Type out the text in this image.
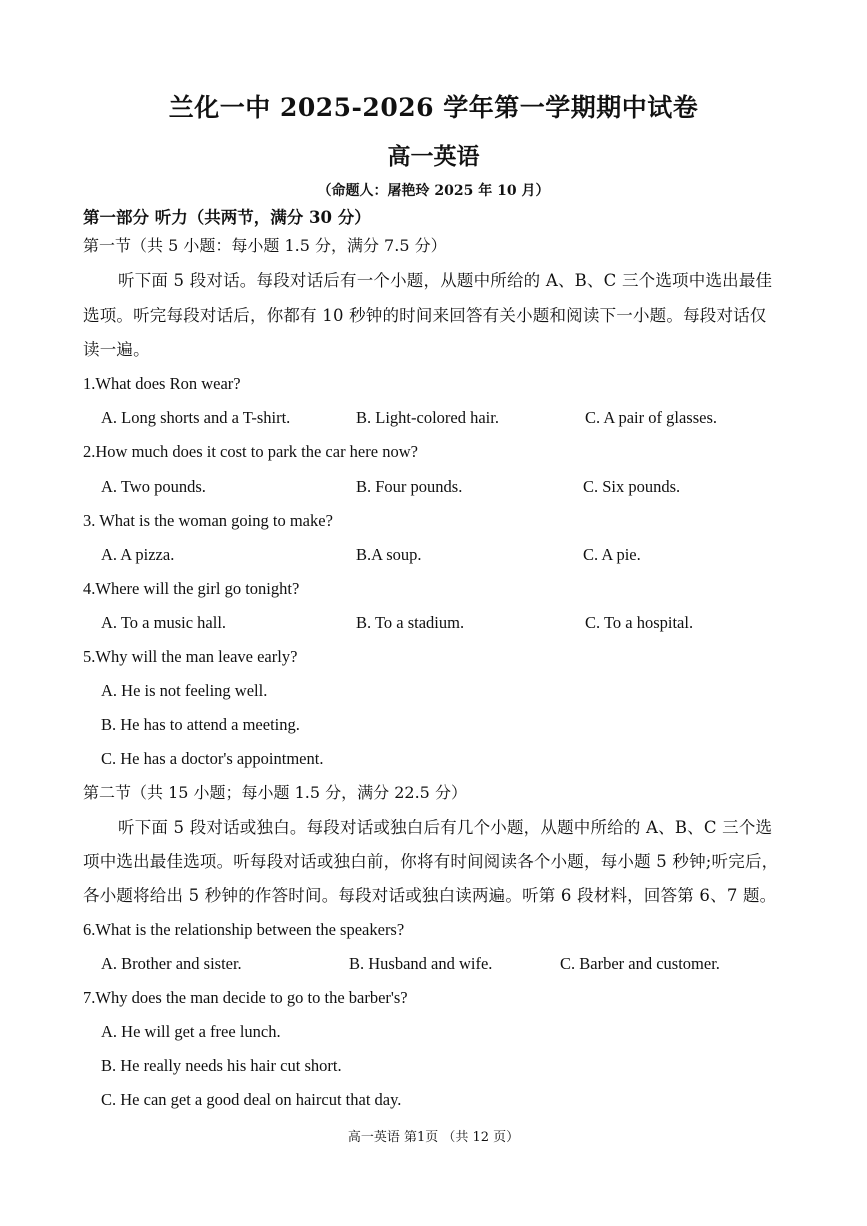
兰化一中 2025-2026 学年第一学期期中试卷
高一英语
（命题人：屠艳玲 2025 年 10 月）
第一部分 听力（共两节，满分 30 分）
第一节（共 5 小题：每小题 1.5 分，满分 7.5 分）
听下面 5 段对话。每段对话后有一个小题，从题中所给的 A、B、C 三个选项中选出最佳
选项。听完每段对话后，你都有 10 秒钟的时间来回答有关小题和阅读下一小题。每段对话仅
读一遍。
1.What does Ron wear?
A. Long shorts and a T-shirt.	B. Light-colored hair.	C. A pair of glasses.
2.How much does it cost to park the car here now?
A. Two pounds.	B. Four pounds.	C. Six pounds.
3. What is the woman going to make?
A. A pizza.	B.A soup.	C. A pie.
4.Where will the girl go tonight?
A. To a music hall.	B. To a stadium.	C. To a hospital.
5.Why will the man leave early?
A. He is not feeling well.
B. He has to attend a meeting.
C. He has a doctor's appointment.
第二节（共 15 小题；每小题 1.5 分，满分 22.5 分）
听下面 5 段对话或独白。每段对话或独白后有几个小题，从题中所给的 A、B、C 三个选
项中选出最佳选项。听每段对话或独白前，你将有时间阅读各个小题，每小题 5 秒钟;听完后，
各小题将给出 5 秒钟的作答时间。每段对话或独白读两遍。听第 6 段材料，回答第 6、7 题。
6.What is the relationship between the speakers?
A. Brother and sister.	B. Husband and wife.	C. Barber and customer.
7.Why does the man decide to go to the barber's?
A. He will get a free lunch.
B. He really needs his hair cut short.
C. He can get a good deal on haircut that day.
高一英语 第1页 （共 12 页）
